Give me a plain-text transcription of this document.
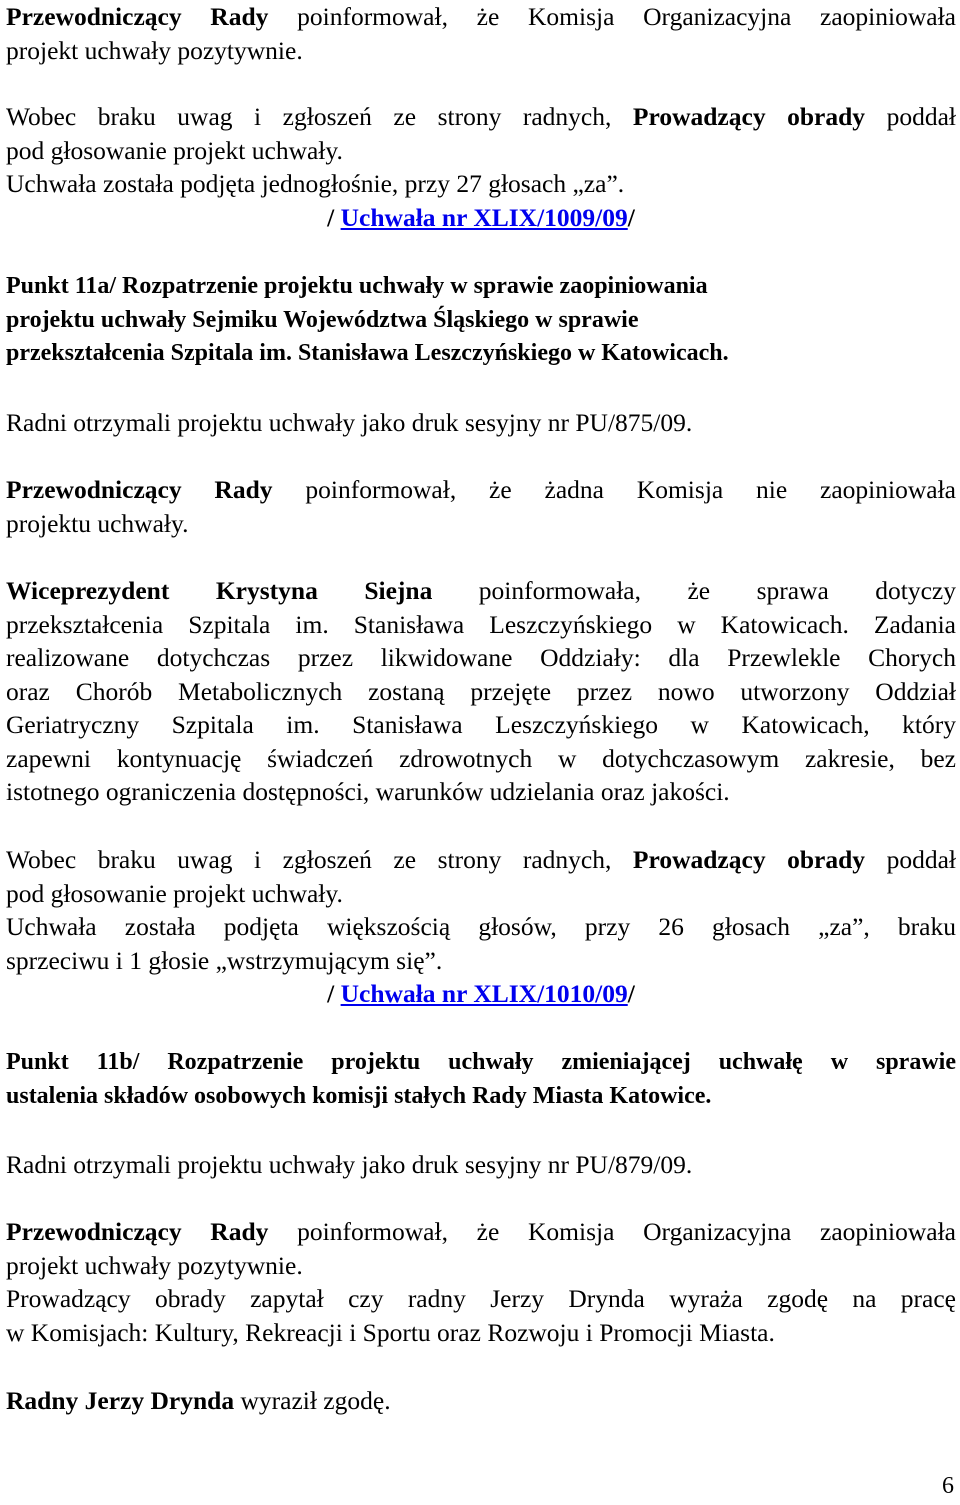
Przewodniczący Rady poinformował, że Komisja Organizacyjna zaopiniowała

projekt uchwały pozytywnie.

Wobec braku uwag i zgłoszeń ze strony radnych, Prowadzący obrady poddał

pod głosowanie projekt uchwały.

Uchwała została podjęta jednogłośnie, przy 27 głosach „za”.

/ Uchwała nr XLIX/1009/09/

Punkt 11a/ Rozpatrzenie projektu uchwały w sprawie zaopiniowania

projektu uchwały Sejmiku Województwa Śląskiego w sprawie

przekształcenia Szpitala im. Stanisława Leszczyńskiego w Katowicach.

Radni otrzymali projektu uchwały jako druk sesyjny nr PU/875/09.

Przewodniczący Rady poinformował, że żadna Komisja nie zaopiniowała

projektu uchwały.

Wiceprezydent Krystyna Siejna poinformowała, że sprawa dotyczy

przekształcenia Szpitala im. Stanisława Leszczyńskiego w Katowicach. Zadania

realizowane dotychczas przez likwidowane Oddziały: dla Przewlekle Chorych

oraz Chorób Metabolicznych zostaną przejęte przez nowo utworzony Oddział

Geriatryczny Szpitala im. Stanisława Leszczyńskiego w Katowicach, który

zapewni kontynuację świadczeń zdrowotnych w dotychczasowym zakresie, bez

istotnego ograniczenia dostępności, warunków udzielania oraz jakości.

Wobec braku uwag i zgłoszeń ze strony radnych, Prowadzący obrady poddał

pod głosowanie projekt uchwały.

Uchwała została podjęta większością głosów, przy 26 głosach „za”, braku

sprzeciwu i 1 głosie „wstrzymującym się”.

/ Uchwała nr XLIX/1010/09/

Punkt 11b/ Rozpatrzenie projektu uchwały zmieniającej uchwałę w sprawie

ustalenia składów osobowych komisji stałych Rady Miasta Katowice.

Radni otrzymali projektu uchwały jako druk sesyjny nr PU/879/09.

Przewodniczący Rady poinformował, że Komisja Organizacyjna zaopiniowała

projekt uchwały pozytywnie.

Prowadzący obrady zapytał czy radny Jerzy Drynda wyraża zgodę na pracę

w Komisjach: Kultury, Rekreacji i Sportu oraz Rozwoju i Promocji Miasta.

Radny Jerzy Drynda wyraził zgodę.

6
